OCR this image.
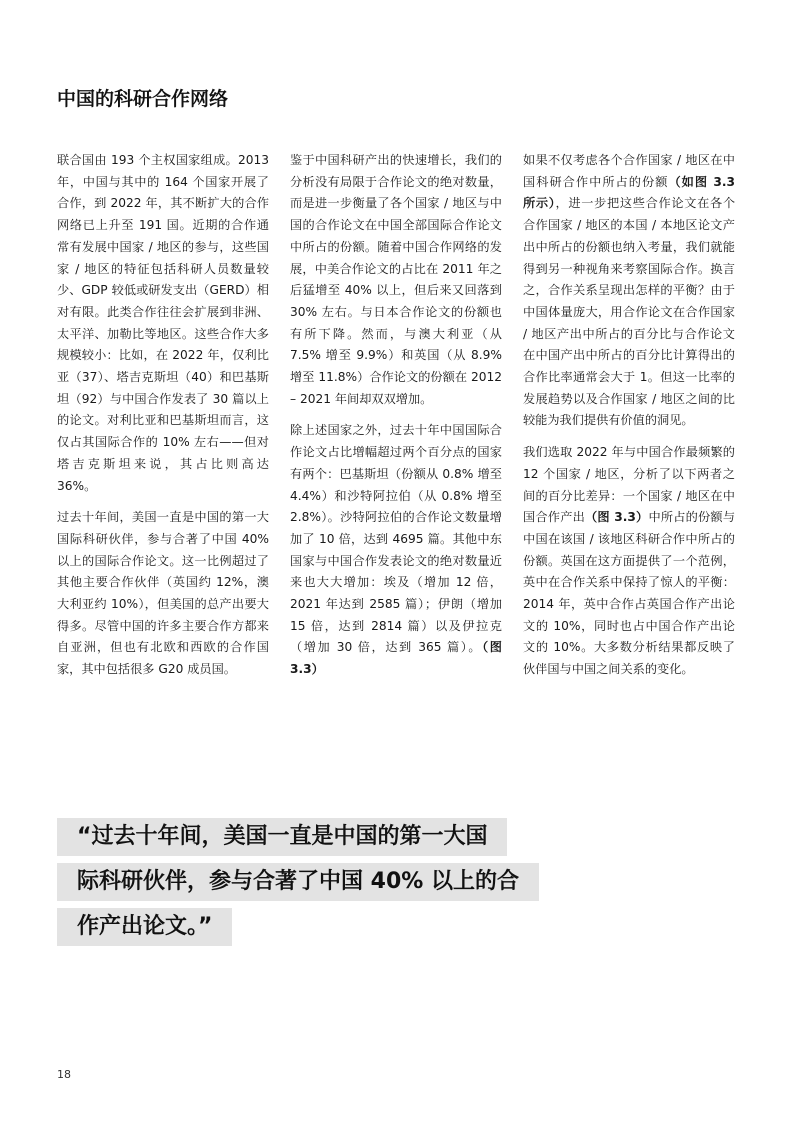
中国的科研合作网络

联合国由 193 个主权国家组成。2013 年，中国与其中的 164 个国家开展了合作，到 2022 年，其不断扩大的合作网络已上升至 191 国。近期的合作通常有发展中国家 / 地区的参与，这些国家 / 地区的特征包括科研人员数量较少、GDP 较低或研发支出（GERD）相对有限。此类合作往往会扩展到非洲、太平洋、加勒比等地区。这些合作大多规模较小：比如，在 2022 年，仅利比亚（37）、塔吉克斯坦（40）和巴基斯坦（92）与中国合作发表了 30 篇以上的论文。对利比亚和巴基斯坦而言，这仅占其国际合作的 10% 左右——但对塔吉克斯坦来说，其占比则高达 36%。

过去十年间，美国一直是中国的第一大国际科研伙伴，参与合著了中国 40% 以上的国际合作论文。这一比例超过了其他主要合作伙伴（英国约 12%，澳大利亚约 10%），但美国的总产出要大得多。尽管中国的许多主要合作方都来自亚洲，但也有北欧和西欧的合作国家，其中包括很多 G20 成员国。

鉴于中国科研产出的快速增长，我们的分析没有局限于合作论文的绝对数量，而是进一步衡量了各个国家 / 地区与中国的合作论文在中国全部国际合作论文中所占的份额。随着中国合作网络的发展，中美合作论文的占比在 2011 年之后猛增至 40% 以上，但后来又回落到 30% 左右。与日本合作论文的份额也有所下降。然而，与澳大利亚（从 7.5% 增至 9.9%）和英国（从 8.9% 增至 11.8%）合作论文的份额在 2012 – 2021 年间却双双增加。

除上述国家之外，过去十年中国国际合作论文占比增幅超过两个百分点的国家有两个：巴基斯坦（份额从 0.8% 增至 4.4%）和沙特阿拉伯（从 0.8% 增至 2.8%）。沙特阿拉伯的合作论文数量增加了 10 倍，达到 4695 篇。其他中东国家与中国合作发表论文的绝对数量近来也大大增加：埃及（增加 12 倍，2021 年达到 2585 篇）；伊朗（增加 15 倍，达到 2814 篇）以及伊拉克（增加 30 倍，达到 365 篇）。（图 3.3）

如果不仅考虑各个合作国家 / 地区在中国科研合作中所占的份额（如图 3.3 所示），进一步把这些合作论文在各个合作国家 / 地区的本国 / 本地区论文产出中所占的份额也纳入考量，我们就能得到另一种视角来考察国际合作。换言之，合作关系呈现出怎样的平衡？由于中国体量庞大，用合作论文在合作国家 / 地区产出中所占的百分比与合作论文在中国产出中所占的百分比计算得出的合作比率通常会大于 1。但这一比率的发展趋势以及合作国家 / 地区之间的比较能为我们提供有价值的洞见。

我们选取 2022 年与中国合作最频繁的 12 个国家 / 地区，分析了以下两者之间的百分比差异：一个国家 / 地区在中国合作产出（图 3.3）中所占的份额与中国在该国 / 该地区科研合作中所占的份额。英国在这方面提供了一个范例，英中在合作关系中保持了惊人的平衡：2014 年，英中合作占英国合作产出论文的 10%，同时也占中国合作产出论文的 10%。大多数分析结果都反映了伙伴国与中国之间关系的变化。

“过去十年间，美国一直是中国的第一大国
际科研伙伴，参与合著了中国 40% 以上的合
作产出论文。”
18
